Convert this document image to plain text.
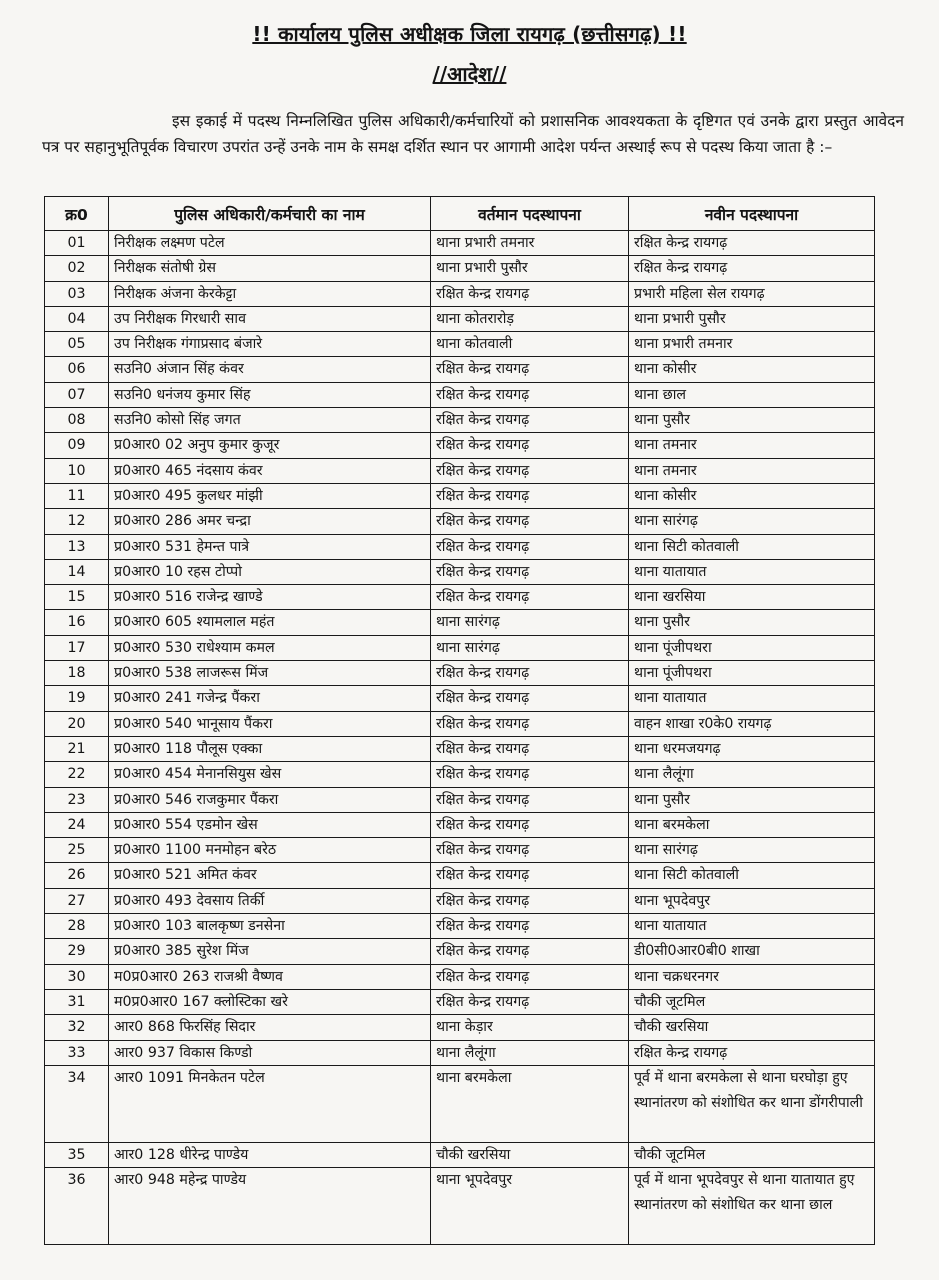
!! कार्यालय पुलिस अधीक्षक जिला रायगढ़ (छत्तीसगढ़) !!
//आदेश//
इस इकाई में पदस्थ निम्नलिखित पुलिस अधिकारी/कर्मचारियों को प्रशासनिक आवश्यकता के दृष्टिगत एवं उनके द्वारा प्रस्तुत आवेदन पत्र पर सहानुभूतिपूर्वक विचारण उपरांत उन्हें उनके नाम के समक्ष दर्शित स्थान पर आगामी आदेश पर्यन्त अस्थाई रूप से पदस्थ किया जाता है :–
क्र0	पुलिस अधिकारी/कर्मचारी का नाम	वर्तमान पदस्थापना	नवीन पदस्थापना
01	निरीक्षक लक्ष्मण पटेल	थाना प्रभारी तमनार	रक्षित केन्द्र रायगढ़
02	निरीक्षक संतोषी ग्रेस	थाना प्रभारी पुसौर	रक्षित केन्द्र रायगढ़
03	निरीक्षक अंजना केरकेट्टा	रक्षित केन्द्र रायगढ़	प्रभारी महिला सेल रायगढ़
04	उप निरीक्षक गिरधारी साव	थाना कोतरारोड़	थाना प्रभारी पुसौर
05	उप निरीक्षक गंगाप्रसाद बंजारे	थाना कोतवाली	थाना प्रभारी तमनार
06	सउनि0 अंजान सिंह कंवर	रक्षित केन्द्र रायगढ़	थाना कोसीर
07	सउनि0 धनंजय कुमार सिंह	रक्षित केन्द्र रायगढ़	थाना छाल
08	सउनि0 कोसो सिंह जगत	रक्षित केन्द्र रायगढ़	थाना पुसौर
09	प्र0आर0 02 अनुप कुमार कुजूर	रक्षित केन्द्र रायगढ़	थाना तमनार
10	प्र0आर0 465 नंदसाय कंवर	रक्षित केन्द्र रायगढ़	थाना तमनार
11	प्र0आर0 495 कुलधर मांझी	रक्षित केन्द्र रायगढ़	थाना कोसीर
12	प्र0आर0 286 अमर चन्द्रा	रक्षित केन्द्र रायगढ़	थाना सारंगढ़
13	प्र0आर0 531 हेमन्त पात्रे	रक्षित केन्द्र रायगढ़	थाना सिटी कोतवाली
14	प्र0आर0 10 रहस टोप्पो	रक्षित केन्द्र रायगढ़	थाना यातायात
15	प्र0आर0 516 राजेन्द्र खाण्डे	रक्षित केन्द्र रायगढ़	थाना खरसिया
16	प्र0आर0 605 श्यामलाल महंत	थाना सारंगढ़	थाना पुसौर
17	प्र0आर0 530 राधेश्याम कमल	थाना सारंगढ़	थाना पूंजीपथरा
18	प्र0आर0 538 लाजरूस मिंज	रक्षित केन्द्र रायगढ़	थाना पूंजीपथरा
19	प्र0आर0 241 गजेन्द्र पैंकरा	रक्षित केन्द्र रायगढ़	थाना यातायात
20	प्र0आर0 540 भानूसाय पैंकरा	रक्षित केन्द्र रायगढ़	वाहन शाखा र0के0 रायगढ़
21	प्र0आर0 118 पौलूस एक्का	रक्षित केन्द्र रायगढ़	थाना धरमजयगढ़
22	प्र0आर0 454 मेनानसियुस खेस	रक्षित केन्द्र रायगढ़	थाना लैलूंगा
23	प्र0आर0 546 राजकुमार पैंकरा	रक्षित केन्द्र रायगढ़	थाना पुसौर
24	प्र0आर0 554 एडमोन खेस	रक्षित केन्द्र रायगढ़	थाना बरमकेला
25	प्र0आर0 1100 मनमोहन बरेठ	रक्षित केन्द्र रायगढ़	थाना सारंगढ़
26	प्र0आर0 521 अमित कंवर	रक्षित केन्द्र रायगढ़	थाना सिटी कोतवाली
27	प्र0आर0 493 देवसाय तिर्की	रक्षित केन्द्र रायगढ़	थाना भूपदेवपुर
28	प्र0आर0 103 बालकृष्ण डनसेना	रक्षित केन्द्र रायगढ़	थाना यातायात
29	प्र0आर0 385 सुरेश मिंज	रक्षित केन्द्र रायगढ़	डी0सी0आर0बी0 शाखा
30	म0प्र0आर0 263 राजश्री वैष्णव	रक्षित केन्द्र रायगढ़	थाना चक्रधरनगर
31	म0प्र0आर0 167 क्लोस्टिका खरे	रक्षित केन्द्र रायगढ़	चौकी जूटमिल
32	आर0 868 फिरसिंह सिदार	थाना केड़ार	चौकी खरसिया
33	आर0 937 विकास किण्डो	थाना लैलूंगा	रक्षित केन्द्र रायगढ़
34	आर0 1091 मिनकेतन पटेल	थाना बरमकेला	पूर्व में थाना बरमकेला से थाना घरघोड़ा हुए स्थानांतरण को संशोधित कर थाना डोंगरीपाली
35	आर0 128 धीरेन्द्र पाण्डेय	चौकी खरसिया	चौकी जूटमिल
36	आर0 948 महेन्द्र पाण्डेय	थाना भूपदेवपुर	पूर्व में थाना भूपदेवपुर से थाना यातायात हुए स्थानांतरण को संशोधित कर थाना छाल
